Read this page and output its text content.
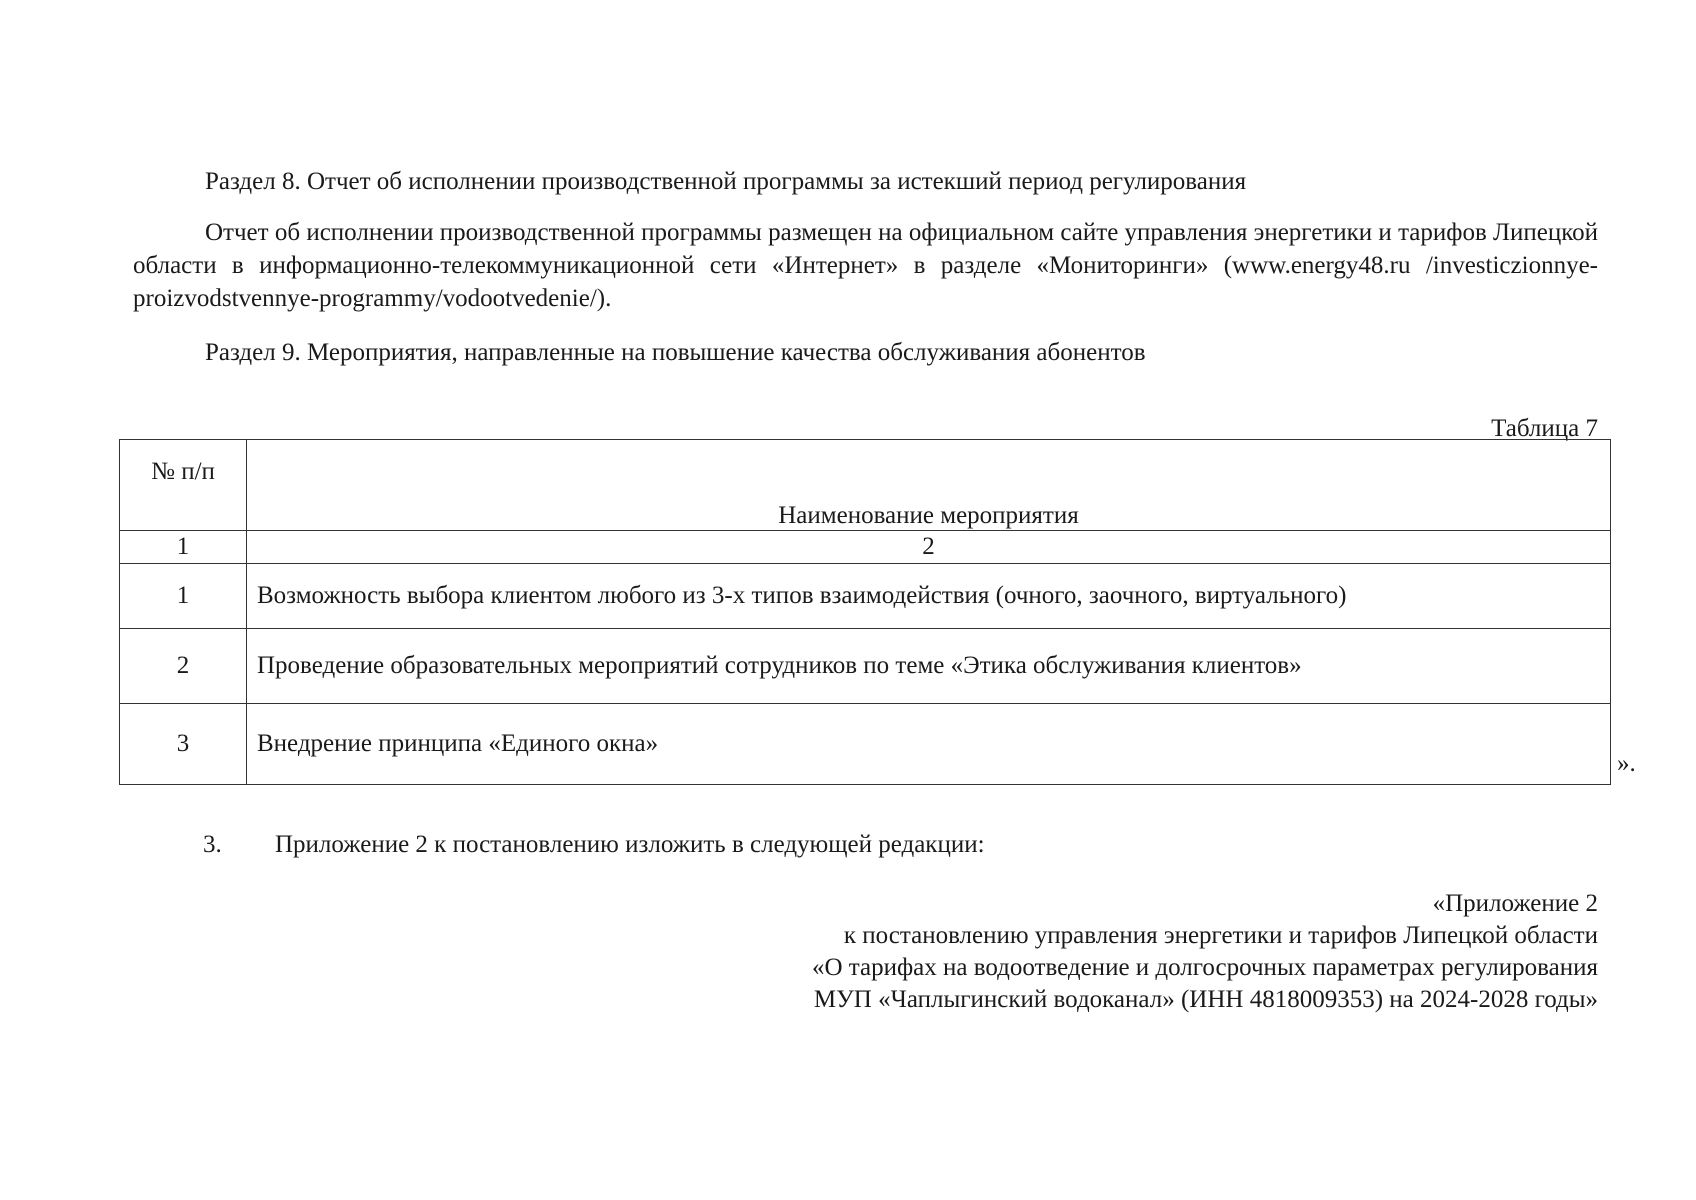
Раздел 8. Отчет об исполнении производственной программы за истекший период регулирования
Отчет об исполнении производственной программы размещен на официальном сайте управления энергетики и тарифов Липецкой области в информационно-телекоммуникационной сети «Интернет» в разделе «Мониторинги» (www.energy48.ru /investiczionnye-proizvodstvennye-programmy/vodootvedenie/).
Раздел 9. Мероприятия, направленные на повышение качества обслуживания абонентов
Таблица 7
№ п/п	Наименование мероприятия
1	2
1	Возможность выбора клиентом любого из 3-х типов взаимодействия (очного, заочного, виртуального)
2	Проведение образовательных мероприятий сотрудников по теме «Этика обслуживания клиентов»
3	Внедрение принципа «Единого окна»
».
3. Приложение 2 к постановлению изложить в следующей редакции:
«Приложение 2
к постановлению управления энергетики и тарифов Липецкой области
«О тарифах на водоотведение и долгосрочных параметрах регулирования
МУП «Чаплыгинский водоканал» (ИНН 4818009353) на 2024-2028 годы»
